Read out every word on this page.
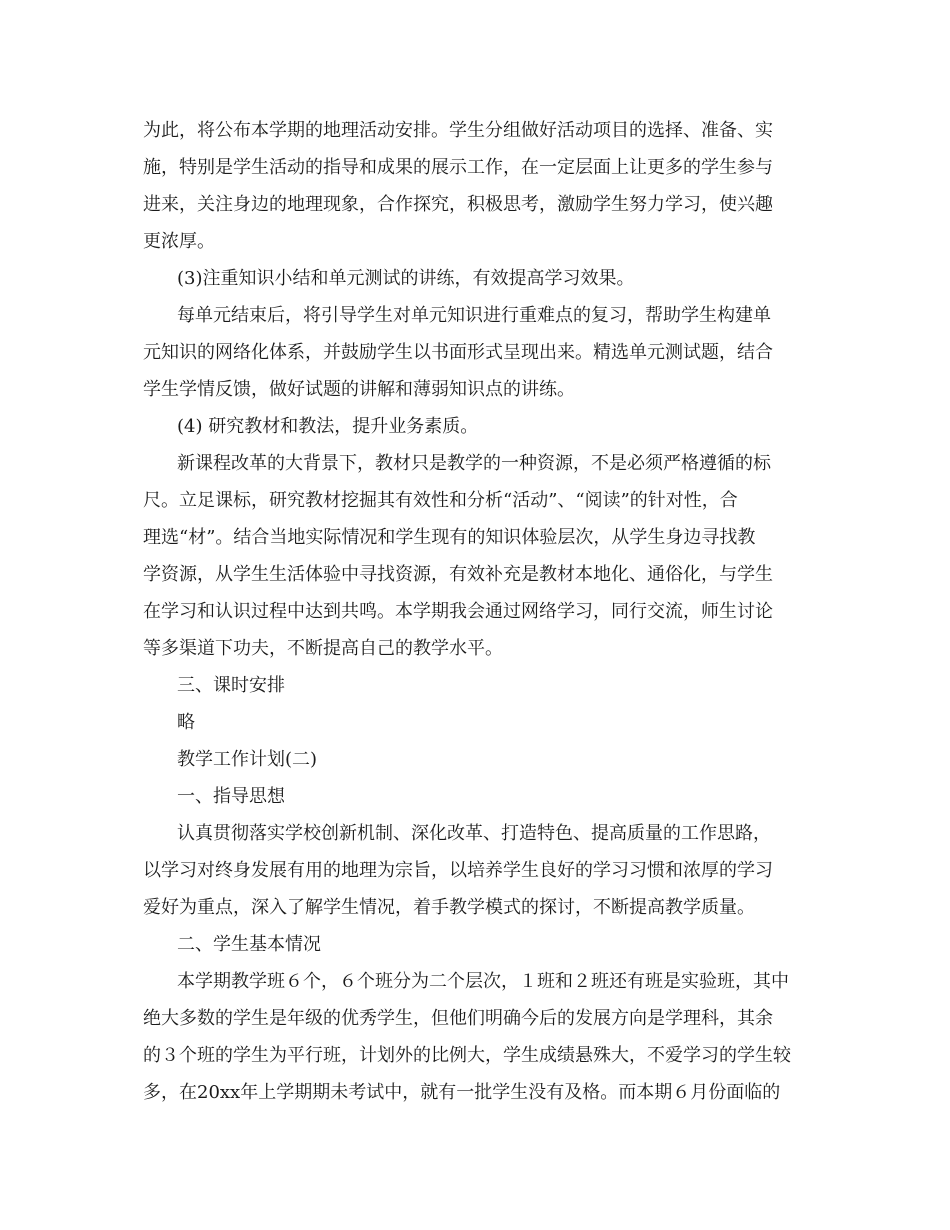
为此，将公布本学期的地理活动安排。学生分组做好活动项目的选择、准备、实

施，特别是学生活动的指导和成果的展示工作，在一定层面上让更多的学生参与

进来，关注身边的地理现象，合作探究，积极思考，激励学生努力学习，使兴趣

更浓厚。

(3)注重知识小结和单元测试的讲练，有效提高学习效果。

每单元结束后，将引导学生对单元知识进行重难点的复习，帮助学生构建单

元知识的网络化体系，并鼓励学生以书面形式呈现出来。精选单元测试题，结合

学生学情反馈，做好试题的讲解和薄弱知识点的讲练。

(4) 研究教材和教法，提升业务素质。

新课程改革的大背景下，教材只是教学的一种资源，不是必须严格遵循的标

尺。立足课标，研究教材挖掘其有效性和分析“活动”、“阅读”的针对性，合

理选“材”。结合当地实际情况和学生现有的知识体验层次，从学生身边寻找教

学资源，从学生生活体验中寻找资源，有效补充是教材本地化、通俗化，与学生

在学习和认识过程中达到共鸣。本学期我会通过网络学习，同行交流，师生讨论

等多渠道下功夫，不断提高自己的教学水平。

三、课时安排

略

教学工作计划(二)

一、指导思想

认真贯彻落实学校创新机制、深化改革、打造特色、提高质量的工作思路，

以学习对终身发展有用的地理为宗旨，以培养学生良好的学习习惯和浓厚的学习

爱好为重点，深入了解学生情况，着手教学模式的探讨，不断提高教学质量。

二、学生基本情况

本学期教学班６个，６个班分为二个层次，１班和２班还有班是实验班，其中

绝大多数的学生是年级的优秀学生，但他们明确今后的发展方向是学理科，其余

的３个班的学生为平行班，计划外的比例大，学生成绩悬殊大，不爱学习的学生较

多，在20xx年上学期期未考试中，就有一批学生没有及格。而本期６月份面临的
